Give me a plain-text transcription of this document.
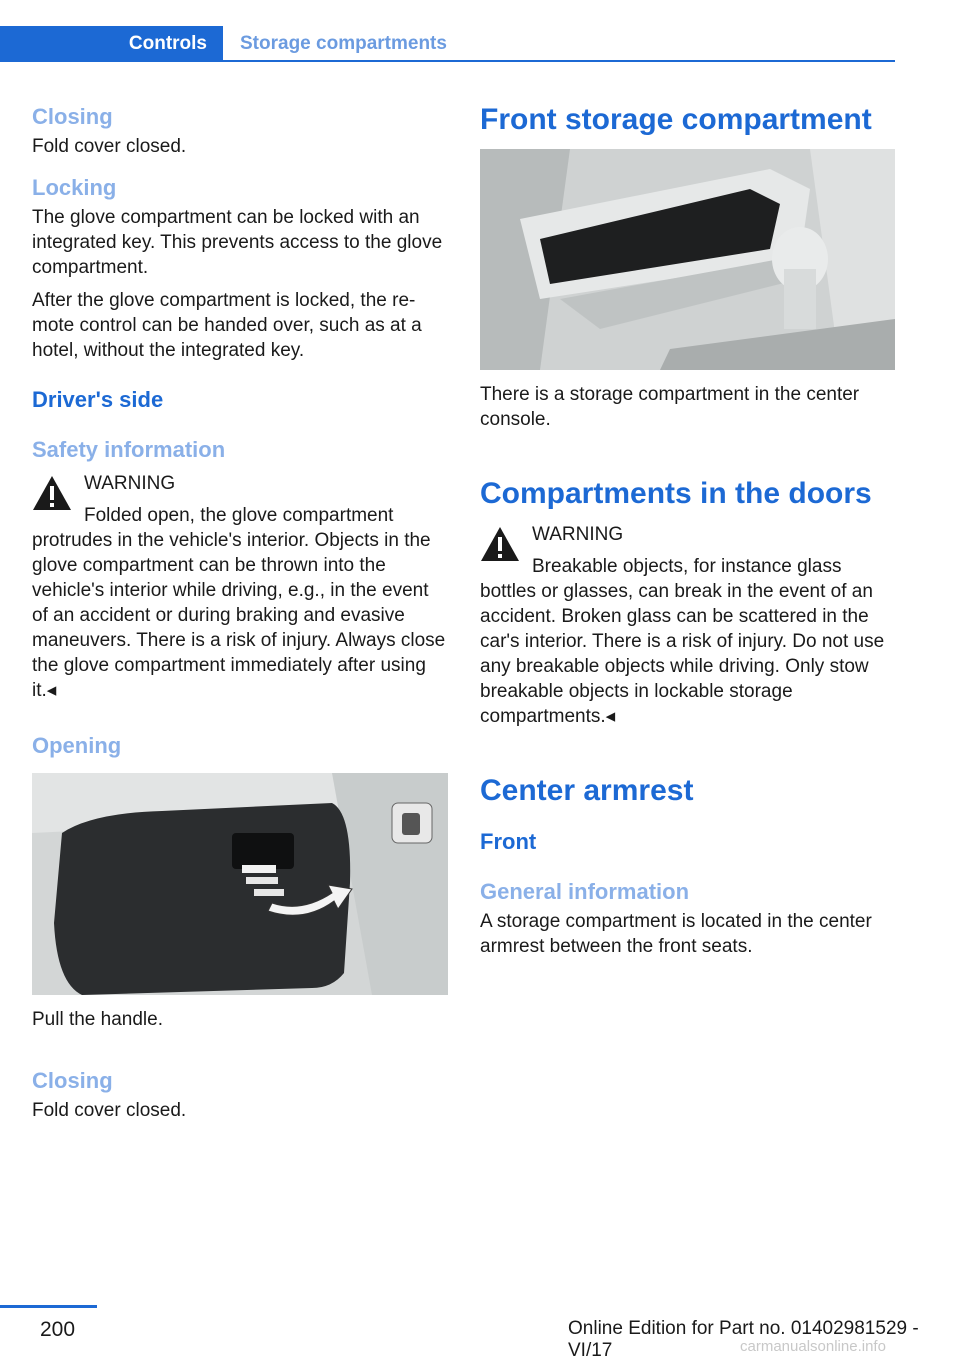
Controls	Storage compartments
Closing

Fold cover closed.

Locking

The glove compartment can be locked with an integrated key. This prevents access to the glove compartment.

After the glove compartment is locked, the re‐mote control can be handed over, such as at a hotel, without the integrated key.

Driver's side
Safety information
WARNING
Folded open, the glove compartment

protrudes in the vehicle's interior. Objects in the glove compartment can be thrown into the vehicle's interior while driving, e.g., in the event of an accident or during braking and evasive maneuvers. There is a risk of injury. Always close the glove compartment immediately after using it.◂

Opening

Pull the handle.

Closing

Fold cover closed.

Front storage compartment

There is a storage compartment in the center console.

Compartments in the doors
WARNING
Breakable objects, for instance glass

bottles or glasses, can break in the event of an accident. Broken glass can be scattered in the car's interior. There is a risk of injury. Do not use any breakable objects while driving. Only stow breakable objects in lockable storage compartments.◂

Center armrest
Front
General information

A storage compartment is located in the center armrest between the front seats.

200	Online Edition for Part no. 01402981529 - VI/17	carmanualsonline.info
